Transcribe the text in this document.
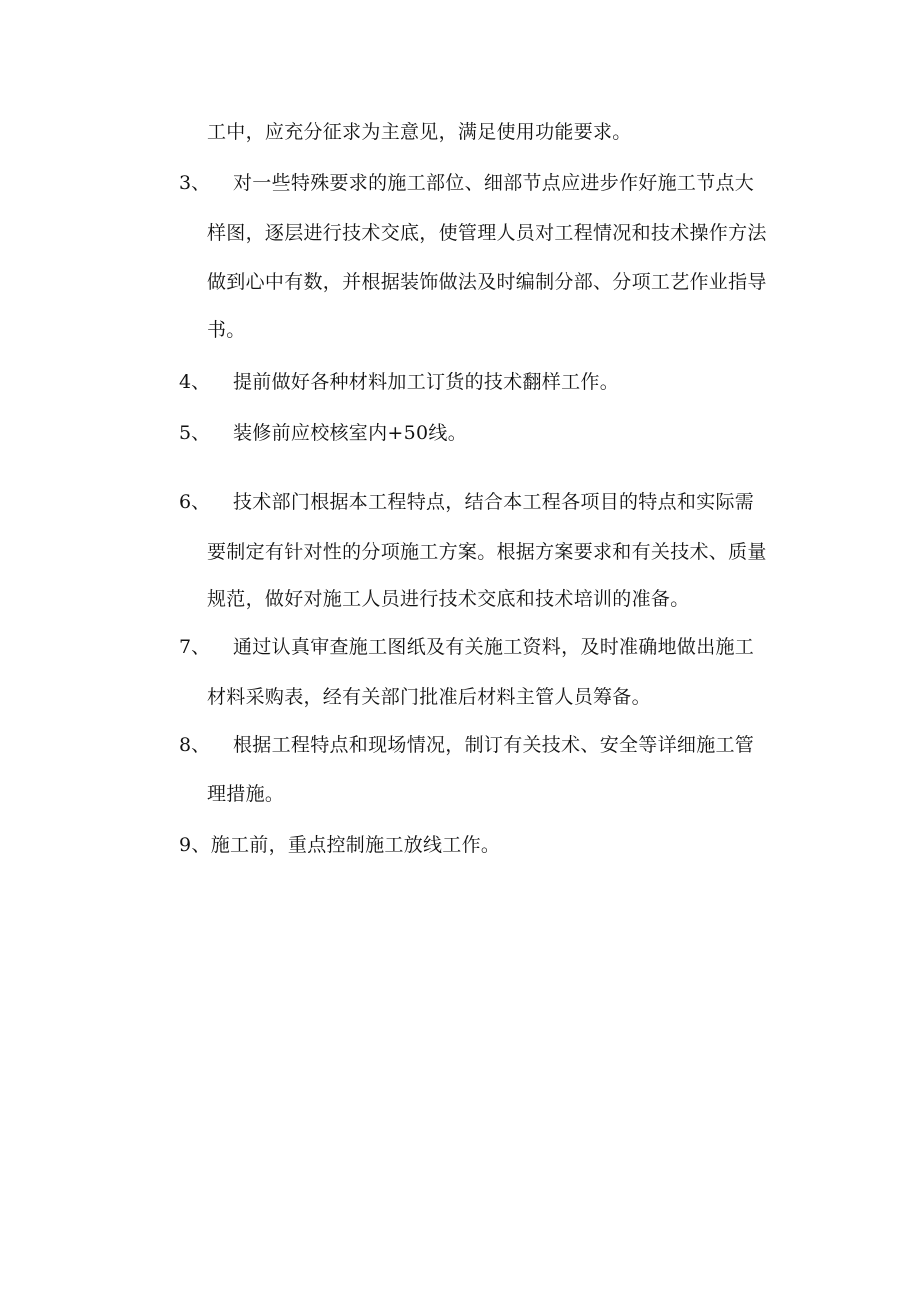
工中，应充分征求为主意见，满足使用功能要求。
3、 对一些特殊要求的施工部位、细部节点应进步作好施工节点大
样图，逐层进行技术交底，使管理人员对工程情况和技术操作方法
做到心中有数，并根据装饰做法及时编制分部、分项工艺作业指导
书。
4、 提前做好各种材料加工订货的技术翻样工作。
5、 装修前应校核室内+50线。
6、 技术部门根据本工程特点，结合本工程各项目的特点和实际需
要制定有针对性的分项施工方案。根据方案要求和有关技术、质量
规范，做好对施工人员进行技术交底和技术培训的准备。
7、 通过认真审查施工图纸及有关施工资料，及时准确地做出施工
材料采购表，经有关部门批准后材料主管人员筹备。
8、 根据工程特点和现场情况，制订有关技术、安全等详细施工管
理措施。
9、施工前，重点控制施工放线工作。
